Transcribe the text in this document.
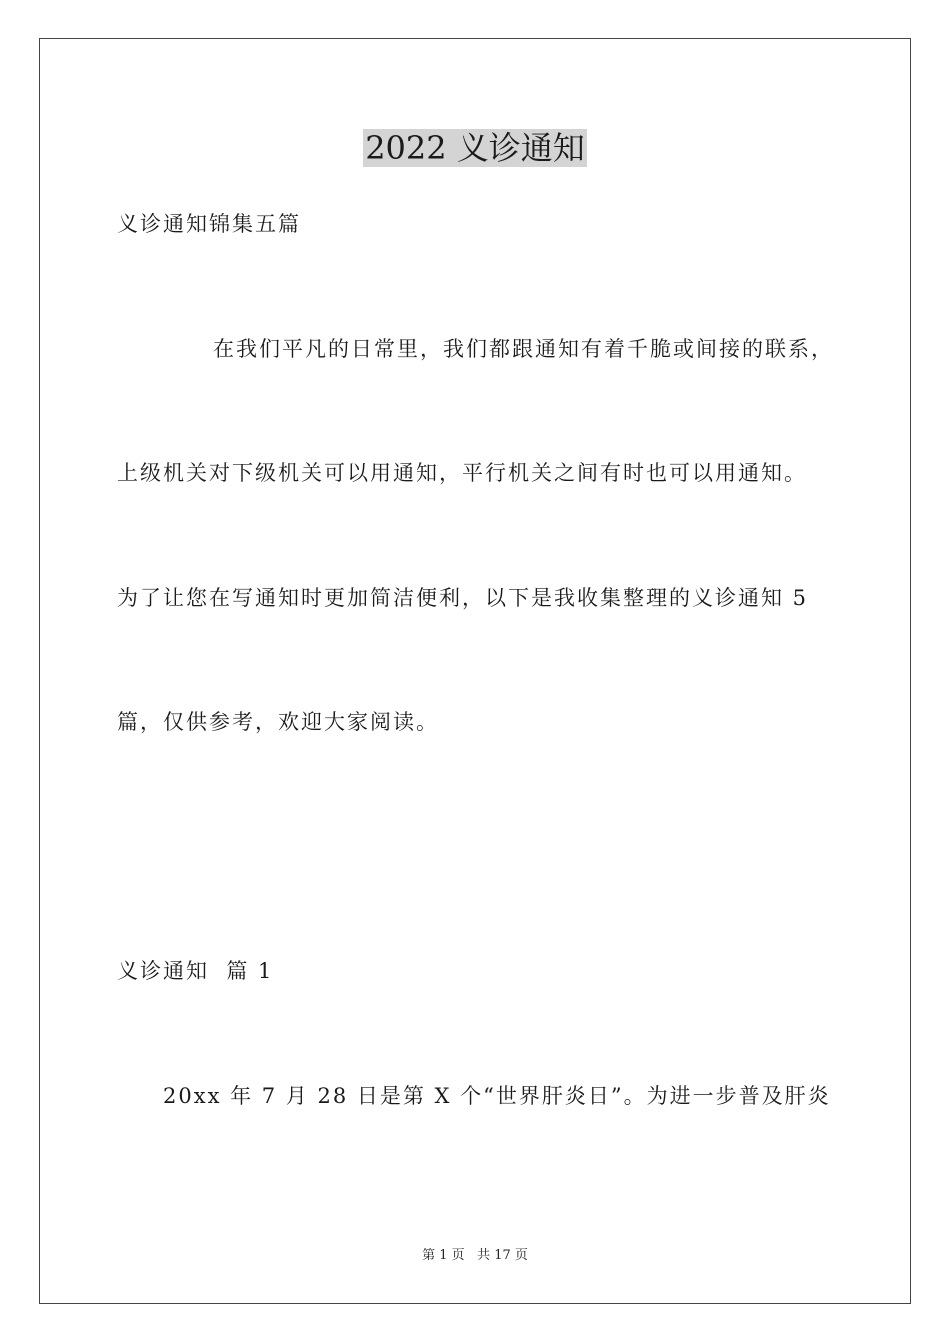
2022 义诊通知
义诊通知锦集五篇
在我们平凡的日常里，我们都跟通知有着千脆或间接的联系，
上级机关对下级机关可以用通知，平行机关之间有时也可以用通知。
为了让您在写通知时更加简洁便利，以下是我收集整理的义诊通知 5
篇，仅供参考，欢迎大家阅读。
义诊通知  篇 1
20xx 年 7 月 28 日是第 X 个“世界肝炎日”。为进一步普及肝炎
第 1 页   共 17 页
